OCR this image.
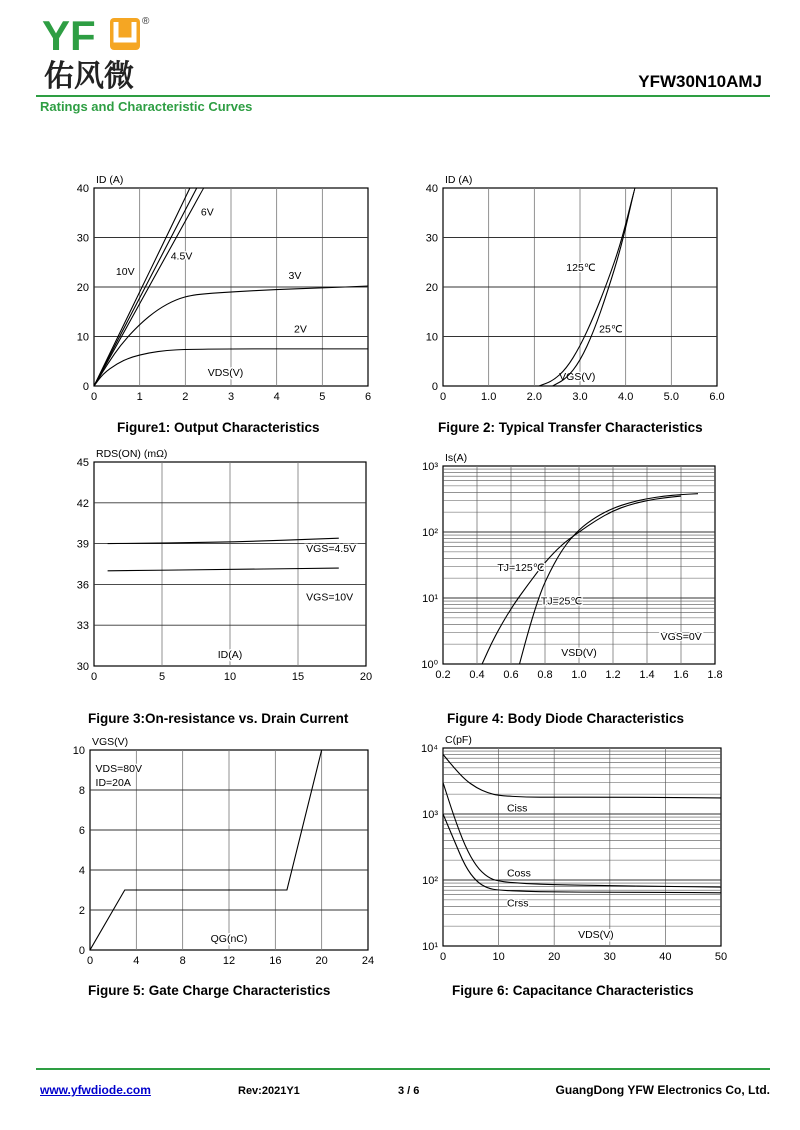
YF	®
佑风微	YFW30N10AMJ
Ratings and Characteristic Curves
0	1	2	3	4	5	6
0
10
20
30
40
ID (A)
VDS(V)
10V
6V
4.5V
3V
2V
Figure1: Output Characteristics
0	1.0	2.0	3.0	4.0	5.0	6.0
0
10
20
30
40
ID (A)
VGS(V)
125℃
25℃
Figure 2: Typical Transfer Characteristics
0	5	10	15	20
30
33
36
39
42
45
RDS(ON) (mΩ)
ID(A)
VGS=4.5V
VGS=10V
Figure 3:On-resistance vs. Drain Current
0.2 0.4 0.6 0.8 1.0 1.2 1.4 1.6 1.8
10⁰
10¹
10²
10³
Is(A)
VSD(V)
TJ=125℃
TJ=25℃
VGS=0V
Figure 4: Body Diode Characteristics
0	4	8	12	16	20	24
0
2
4
6
8
10
VGS(V)
QG(nC)
VDS=80V
ID=20A
Figure 5: Gate Charge Characteristics
0	10	20	30	40	50
10¹
10²
10³
10⁴
C(pF)
VDS(V)
Ciss
Coss
Crss
Figure 6: Capacitance Characteristics
www.yfwdiode.com	Rev:2021Y1	3 / 6	GuangDong YFW Electronics Co, Ltd.
